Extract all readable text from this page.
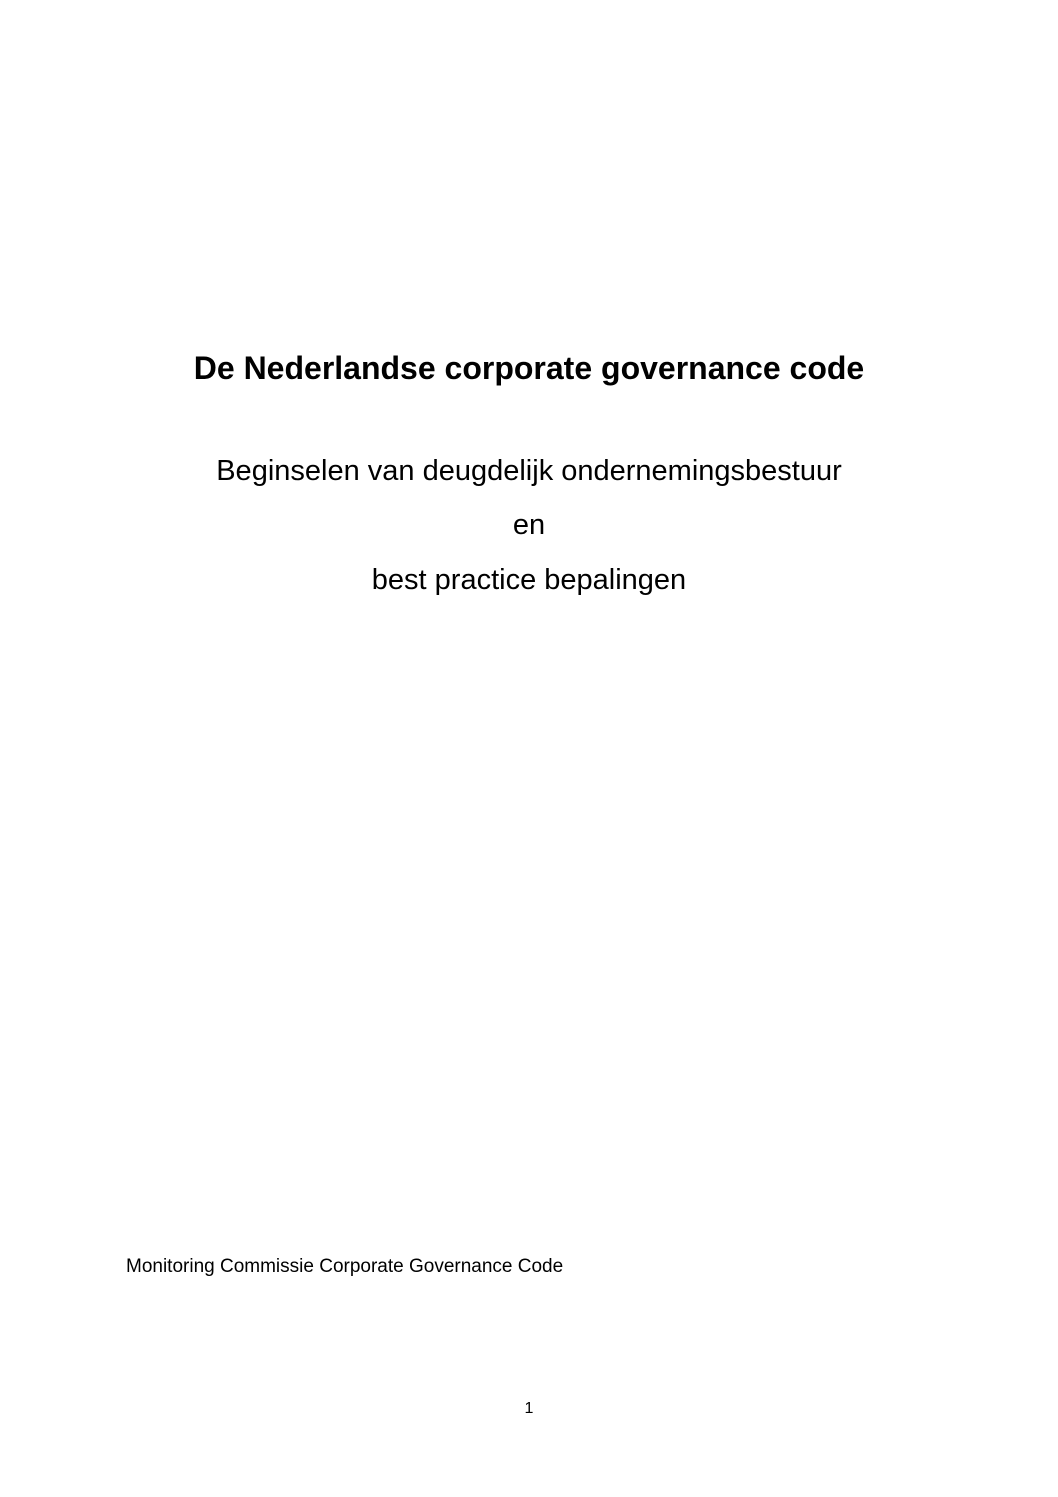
De Nederlandse corporate governance code
Beginselen van deugdelijk ondernemingsbestuur
en
best practice bepalingen
Monitoring Commissie Corporate Governance Code
1
